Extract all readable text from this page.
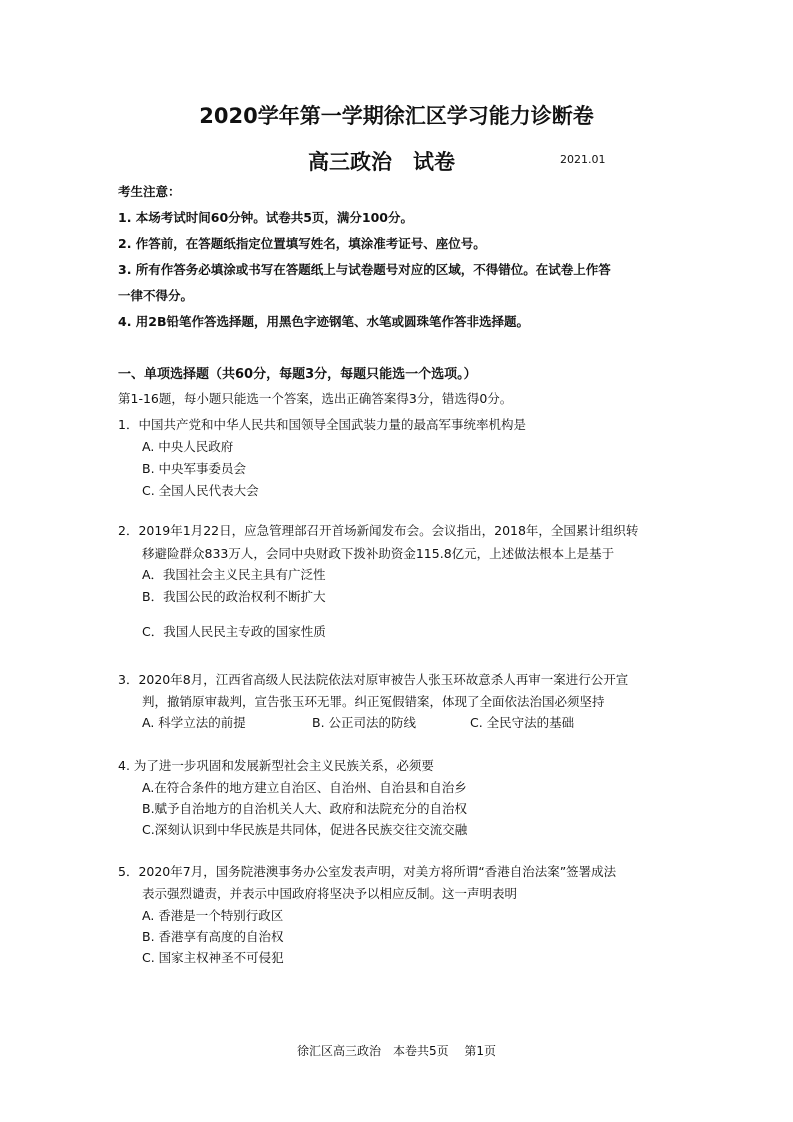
2020学年第一学期徐汇区学习能力诊断卷
高三政治　试卷	2021.01
考生注意：
1. 本场考试时间60分钟。试卷共5页，满分100分。
2. 作答前，在答题纸指定位置填写姓名，填涂准考证号、座位号。
3. 所有作答务必填涂或书写在答题纸上与试卷题号对应的区域，不得错位。在试卷上作答
一律不得分。
4. 用2B铅笔作答选择题，用黑色字迹钢笔、水笔或圆珠笔作答非选择题。
一、单项选择题（共60分，每题3分，每题只能选一个选项。）
第1-16题，每小题只能选一个答案，选出正确答案得3分，错选得0分。
1．中国共产党和中华人民共和国领导全国武装力量的最高军事统率机构是
A. 中央人民政府
B. 中央军事委员会
C. 全国人民代表大会
2．2019年1月22日，应急管理部召开首场新闻发布会。会议指出，2018年，全国累计组织转
移避险群众833万人，会同中央财政下拨补助资金115.8亿元，上述做法根本上是基于
A．我国社会主义民主具有广泛性
B．我国公民的政治权利不断扩大
C．我国人民民主专政的国家性质
3．2020年8月，江西省高级人民法院依法对原审被告人张玉环故意杀人再审一案进行公开宣
判，撤销原审裁判，宣告张玉环无罪。纠正冤假错案，体现了全面依法治国必须坚持
A. 科学立法的前提	B. 公正司法的防线	C. 全民守法的基础
4. 为了进一步巩固和发展新型社会主义民族关系，必须要
A.在符合条件的地方建立自治区、自治州、自治县和自治乡
B.赋予自治地方的自治机关人大、政府和法院充分的自治权
C.深刻认识到中华民族是共同体，促进各民族交往交流交融
5．2020年7月，国务院港澳事务办公室发表声明，对美方将所谓“香港自治法案”签署成法
表示强烈谴责，并表示中国政府将坚决予以相应反制。这一声明表明
A. 香港是一个特别行政区
B. 香港享有高度的自治权
C. 国家主权神圣不可侵犯
徐汇区高三政治　本卷共5页　 第1页
